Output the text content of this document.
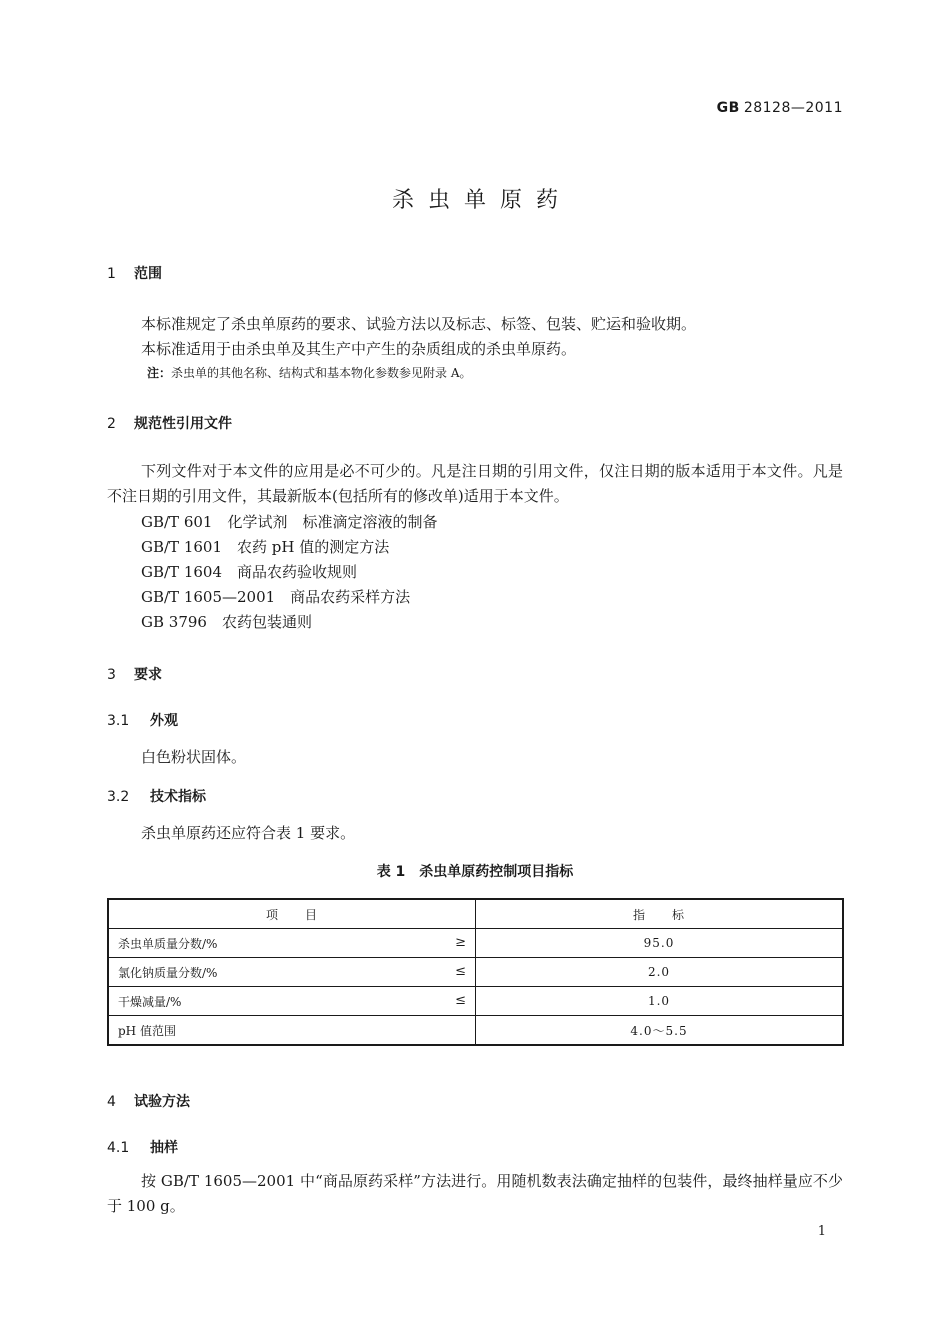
GB 28128—2011
杀虫单原药
1 范围
本标准规定了杀虫单原药的要求、试验方法以及标志、标签、包装、贮运和验收期。
本标准适用于由杀虫单及其生产中产生的杂质组成的杀虫单原药。
注：杀虫单的其他名称、结构式和基本物化参数参见附录 A。
2 规范性引用文件
下列文件对于本文件的应用是必不可少的。凡是注日期的引用文件，仅注日期的版本适用于本文件。凡是不注日期的引用文件，其最新版本(包括所有的修改单)适用于本文件。
GB/T 601　化学试剂　标准滴定溶液的制备
GB/T 1601　农药 pH 值的测定方法
GB/T 1604　商品农药验收规则
GB/T 1605—2001　商品农药采样方法
GB 3796　农药包装通则
3 要求
3.1 外观
白色粉状固体。
3.2 技术指标
杀虫单原药还应符合表 1 要求。
表 1　杀虫单原药控制项目指标
项　　目	指　　标
杀虫单质量分数/% ≥	95.0
氯化钠质量分数/% ≤	2.0
干燥减量/% ≤	1.0
pH 值范围	4.0～5.5
4 试验方法
4.1 抽样
按 GB/T 1605—2001 中“商品原药采样”方法进行。用随机数表法确定抽样的包装件，最终抽样量应不少于 100 g。
1
